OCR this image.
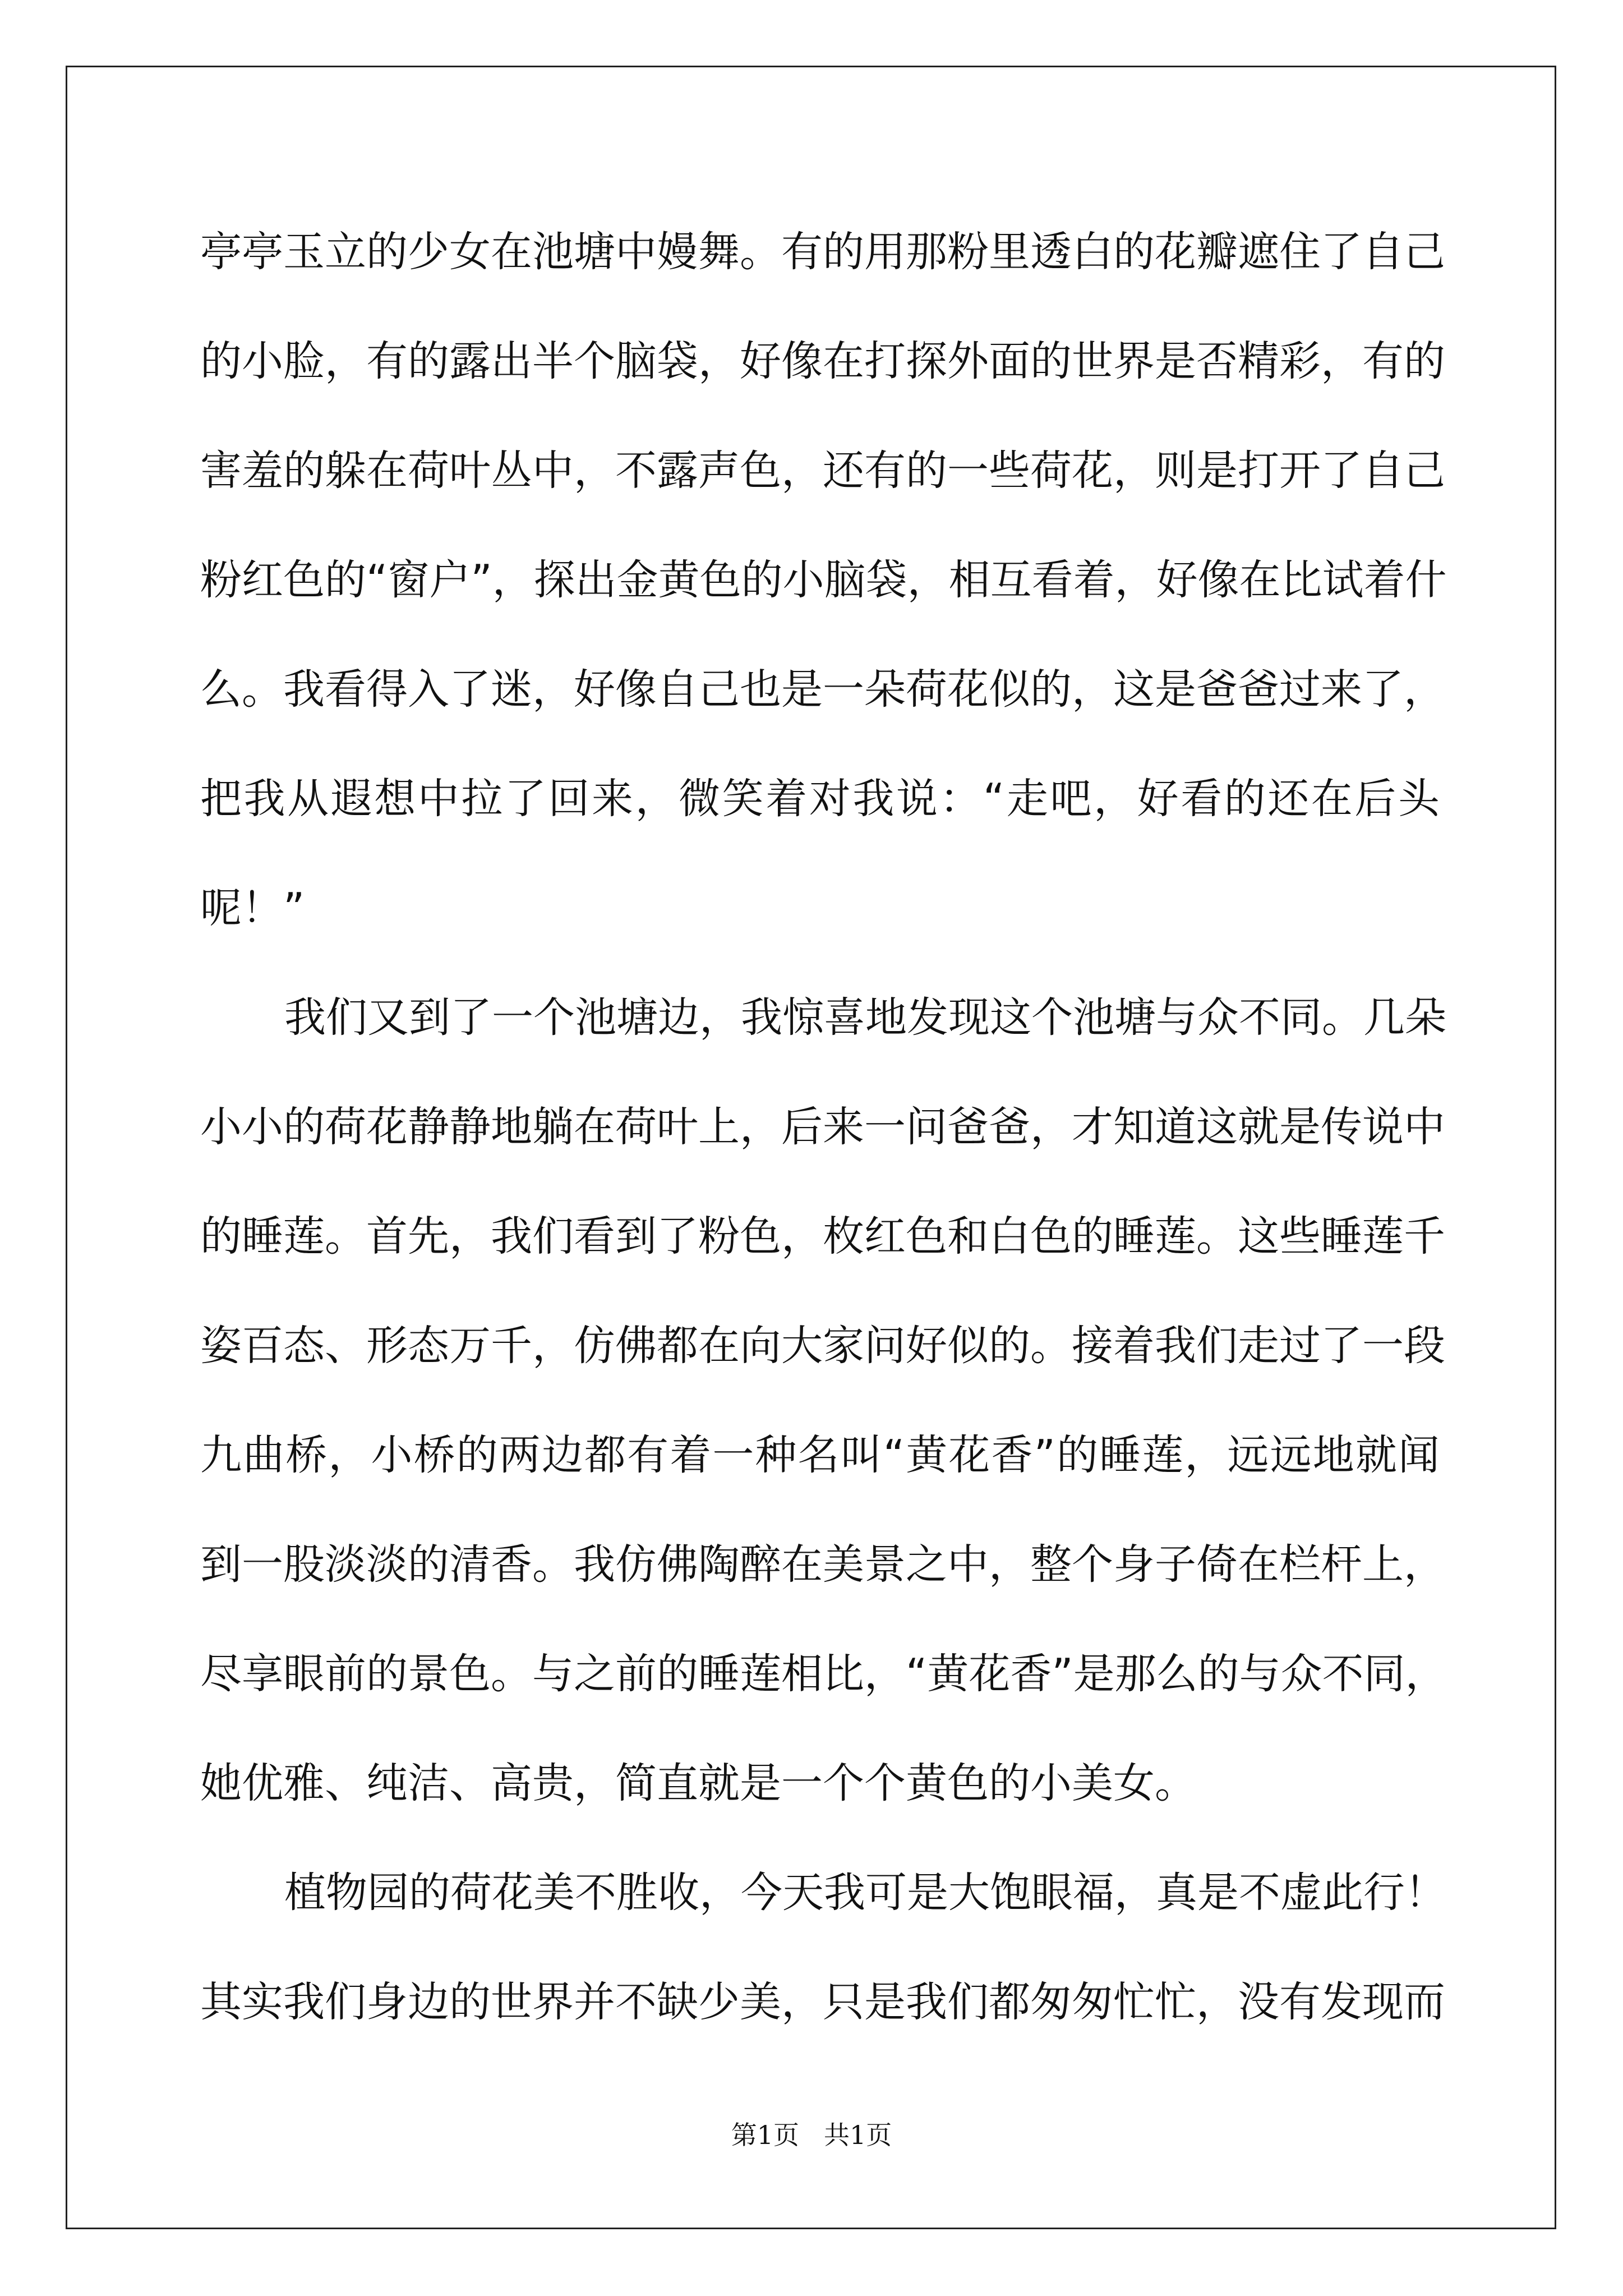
亭亭玉立的少女在池塘中嫚舞。有的用那粉里透白的花瓣遮住了自己
的小脸，有的露出半个脑袋，好像在打探外面的世界是否精彩，有的
害羞的躲在荷叶丛中，不露声色，还有的一些荷花，则是打开了自己
粉红色的“窗户”，探出金黄色的小脑袋，相互看着，好像在比试着什
么。我看得入了迷，好像自己也是一朵荷花似的，这是爸爸过来了，
把我从遐想中拉了回来，微笑着对我说：“走吧，好看的还在后头
呢！”
我们又到了一个池塘边，我惊喜地发现这个池塘与众不同。几朵
小小的荷花静静地躺在荷叶上，后来一问爸爸，才知道这就是传说中
的睡莲。首先，我们看到了粉色，枚红色和白色的睡莲。这些睡莲千
姿百态、形态万千，仿佛都在向大家问好似的。接着我们走过了一段
九曲桥，小桥的两边都有着一种名叫“黄花香”的睡莲，远远地就闻
到一股淡淡的清香。我仿佛陶醉在美景之中，整个身子倚在栏杆上，
尽享眼前的景色。与之前的睡莲相比，“黄花香”是那么的与众不同，
她优雅、纯洁、高贵，简直就是一个个黄色的小美女。
植物园的荷花美不胜收，今天我可是大饱眼福，真是不虚此行！
其实我们身边的世界并不缺少美，只是我们都匆匆忙忙，没有发现而
第1页 共1页
